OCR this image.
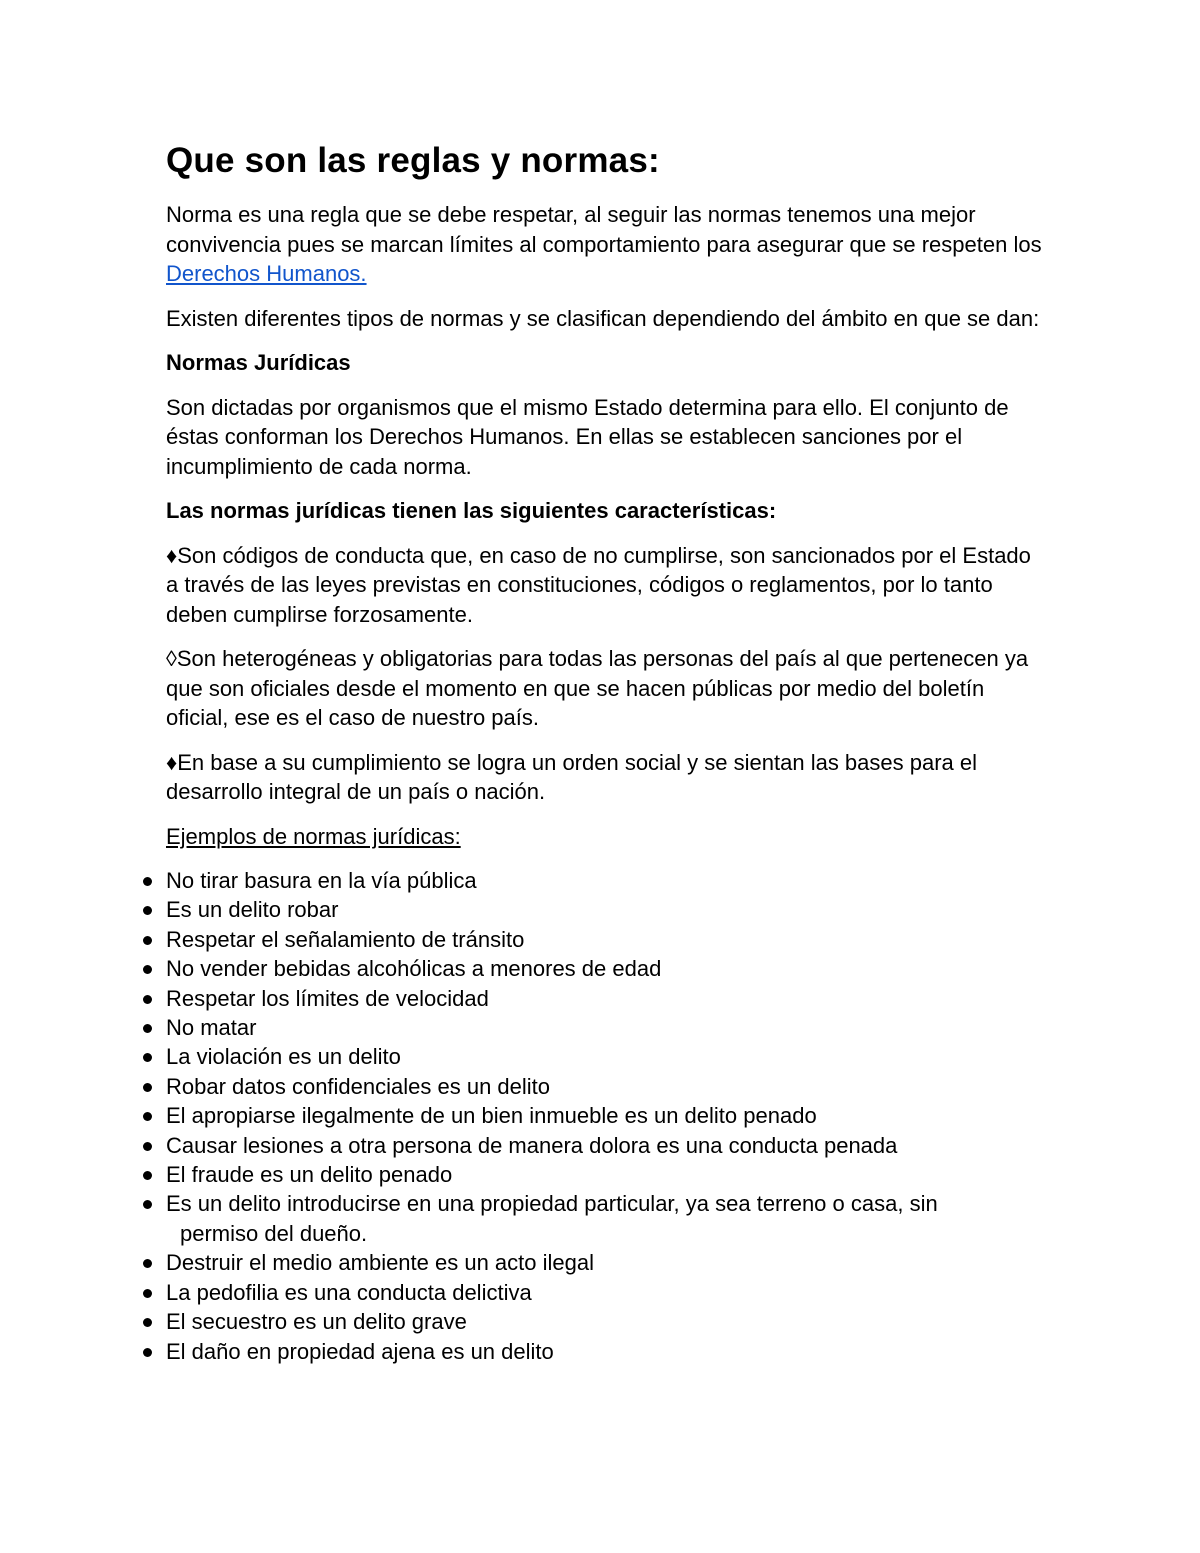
Que son las reglas y normas:

Norma es una regla que se debe respetar, al seguir las normas tenemos una mejor convivencia pues se marcan límites al comportamiento para asegurar que se respeten los Derechos Humanos.

Existen diferentes tipos de normas y se clasifican dependiendo del ámbito en que se dan:

Normas Jurídicas

Son dictadas por organismos que el mismo Estado determina para ello. El conjunto de éstas conforman los Derechos Humanos. En ellas se establecen sanciones por el incumplimiento de cada norma.

Las normas jurídicas tienen las siguientes características:

♦Son códigos de conducta que, en caso de no cumplirse, son sancionados por el Estado a través de las leyes previstas en constituciones, códigos o reglamentos, por lo tanto deben cumplirse forzosamente.

◊Son heterogéneas y obligatorias para todas las personas del país al que pertenecen ya que son oficiales desde el momento en que se hacen públicas por medio del boletín oficial, ese es el caso de nuestro país.

♦En base a su cumplimiento se logra un orden social y se sientan las bases para el desarrollo integral de un país o nación.

Ejemplos de normas jurídicas:

No tirar basura en la vía pública
Es un delito robar
Respetar el señalamiento de tránsito
No vender bebidas alcohólicas a menores de edad
Respetar los límites de velocidad
No matar
La violación es un delito
Robar datos confidenciales es un delito
El apropiarse ilegalmente de un bien inmueble es un delito penado
Causar lesiones a otra persona de manera dolora es una conducta penada
El fraude es un delito penado
Es un delito introducirse en una propiedad particular, ya sea terreno o casa, sin
permiso del dueño.
Destruir el medio ambiente es un acto ilegal
La pedofilia es una conducta delictiva
El secuestro es un delito grave
El daño en propiedad ajena es un delito
